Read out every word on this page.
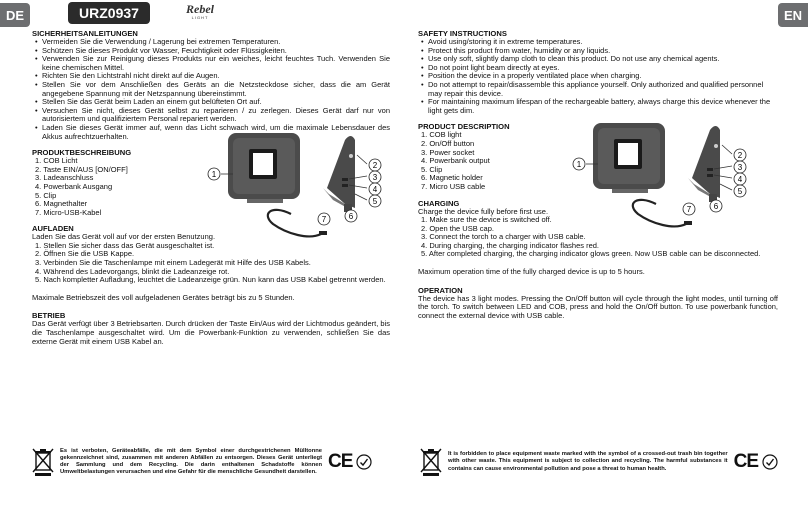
DE	EN
URZ0937	Rebel
LIGHT
SICHERHEITSANLEITUNGEN
• Vermeiden Sie die Verwendung / Lagerung bei extremen Temperaturen.
• Schützen Sie dieses Produkt vor Wasser, Feuchtigkeit oder Flüssigkeiten.
• Verwenden Sie zur Reinigung dieses Produkts nur ein weiches, leicht feuchtes Tuch. Verwenden Sie keine chemischen Mittel.
• Richten Sie den Lichtstrahl nicht direkt auf die Augen.
• Stellen Sie vor dem Anschließen des Geräts an die Netzsteckdose sicher, dass die am Gerät angegebene Spannung mit der Netzspannung übereinstimmt.
• Stellen Sie das Gerät beim Laden an einem gut belüfteten Ort auf.
• Versuchen Sie nicht, dieses Gerät selbst zu reparieren / zu zerlegen. Dieses Gerät darf nur von autorisiertem und qualifiziertem Personal repariert werden.
• Laden Sie dieses Gerät immer auf, wenn das Licht schwach wird, um die maximale Lebensdauer des Akkus aufrechtzuerhalten.
PRODUKTBESCHREIBUNG
1. COB Licht
2. Taste EIN/AUS [ON/OFF]
3. Ladeanschluss
4. Powerbank Ausgang
5. Clip
6. Magnethalter
7. Micro-USB-Kabel
AUFLADEN

Laden Sie das Gerät voll auf vor der ersten Benutzung.

1. Stellen Sie sicher dass das Gerät ausgeschaltet ist.
2. Öffnen Sie die USB Kappe.
3. Verbinden Sie die Taschenlampe mit einem Ladegerät mit Hilfe des USB Kabels.
4. Während des Ladevorgangs, blinkt die Ladeanzeige rot.
5. Nach kompletter Aufladung, leuchtet die Ladeanzeige grün. Nun kann das USB Kabel getrennt werden.

Maximale Betriebszeit des voll aufgeladenen Gerätes beträgt bis zu 5 Stunden.

BETRIEB

Das Gerät verfügt über 3 Betriebsarten. Durch drücken der Taste Ein/Aus wird der Lichtmodus geändert, bis die Taschenlampe ausgeschaltet wird. Um die Powerbank-Funktion zu verwenden, schließen Sie das externe Gerät mit einem USB Kabel an.

1
2
3
4
5
6
7
SAFETY INSTRUCTIONS
• Avoid using/storing it in extreme temperatures.
• Protect this product from water, humidity or any liquids.
• Use only soft, slightly damp cloth to clean this product. Do not use any chemical agents.
• Do not point light beam directly at eyes.
• Position the device in a properly ventilated place when charging.
• Do not attempt to repair/disassemble this appliance yourself. Only authorized and qualified personnel may repair this device.
• For maintaining maximum lifespan of the rechargeable battery, always charge this device whenever the light gets dim.
PRODUCT DESCRIPTION
1. COB light
2. On/Off button
3. Power socket
4. Powerbank output
5. Clip
6. Magnetic holder
7. Micro USB cable
CHARGING

Charge the device fully before first use.

1. Make sure the device is switched off.
2. Open the USB cap.
3. Connect the torch to a charger with USB cable.
4. During charging, the charging indicator flashes red.
5. After completed charging, the charging indicator glows green. Now USB cable can be disconnected.

Maximum operation time of the fully charged device is up to 5 hours.

OPERATION

The device has 3 light modes. Pressing the On/Off button will cycle through the light modes, until turning off the torch. To switch between LED and COB, press and hold the On/Off button. To use powerbank function, connect the external device with USB cable.

1
2
3
4
5
6
7
Es ist verboten, Geräteabfälle, die mit dem Symbol einer durchgestrichenen Mülltonne gekennzeichnet sind, zusammen mit anderen Abfällen zu entsorgen. Dieses Gerät unterliegt der Sammlung und dem Recycling. Die darin enthaltenen Schadstoffe können Umweltbelastungen verursachen und eine Gefahr für die menschliche Gesundheit darstellen.
CE	It is forbidden to place equipment waste marked with the symbol of a crossed-out trash bin together with other waste. This equipment is subject to collection and recycling. The harmful substances it contains can cause environmental pollution and pose a threat to human health.	CE
